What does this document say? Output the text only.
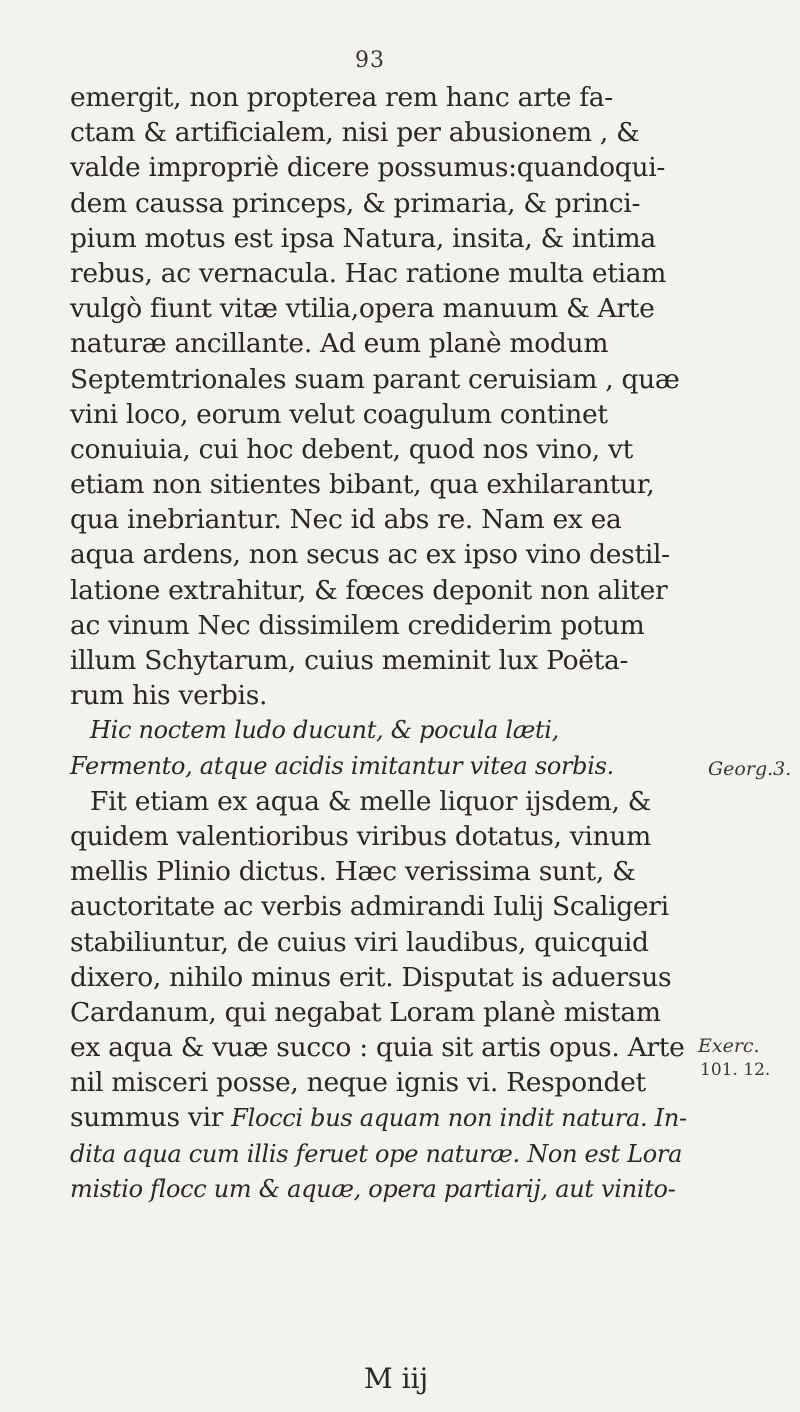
93
emergit, non propterea rem hanc arte fa-
ctam & artificialem, nisi per abusionem , &
valde impropriè dicere possumus:quandoqui-
dem caussa princeps, & primaria, & princi-
pium motus est ipsa Natura, insita, & intima
rebus, ac vernacula. Hac ratione multa etiam
vulgò fiunt vitæ vtilia,opera manuum & Arte
naturæ ancillante. Ad eum planè modum
Septemtrionales suam parant ceruisiam , quæ
vini loco, eorum velut coagulum continet
conuiuia, cui hoc debent, quod nos vino, vt
etiam non sitientes bibant, qua exhilarantur,
qua inebriantur. Nec id abs re. Nam ex ea
aqua ardens, non secus ac ex ipso vino destil-
latione extrahitur, & fœces deponit non aliter
ac vinum Nec dissimilem crediderim potum
illum Schytarum, cuius meminit lux Poëta-
rum his verbis.
Hic noctem ludo ducunt, & pocula læti,
Fermento, atque acidis imitantur vitea sorbis.
Fit etiam ex aqua & melle liquor ijsdem, &
quidem valentioribus viribus dotatus, vinum
mellis Plinio dictus. Hæc verissima sunt, &
auctoritate ac verbis admirandi Iulij Scaligeri
stabiliuntur, de cuius viri laudibus, quicquid
dixero, nihilo minus erit. Disputat is aduersus
Cardanum, qui negabat Loram planè mistam
ex aqua & vuæ succo : quia sit artis opus. Arte
nil misceri posse, neque ignis vi. Respondet
summus vir Flocci bus aquam non indit natura. In-
dita aqua cum illis feruet ope naturæ. Non est Lora
mistio flocc um & aquæ, opera partiarij, aut vinito-
Georg.3.
Exerc.
101. 12.
M iij
